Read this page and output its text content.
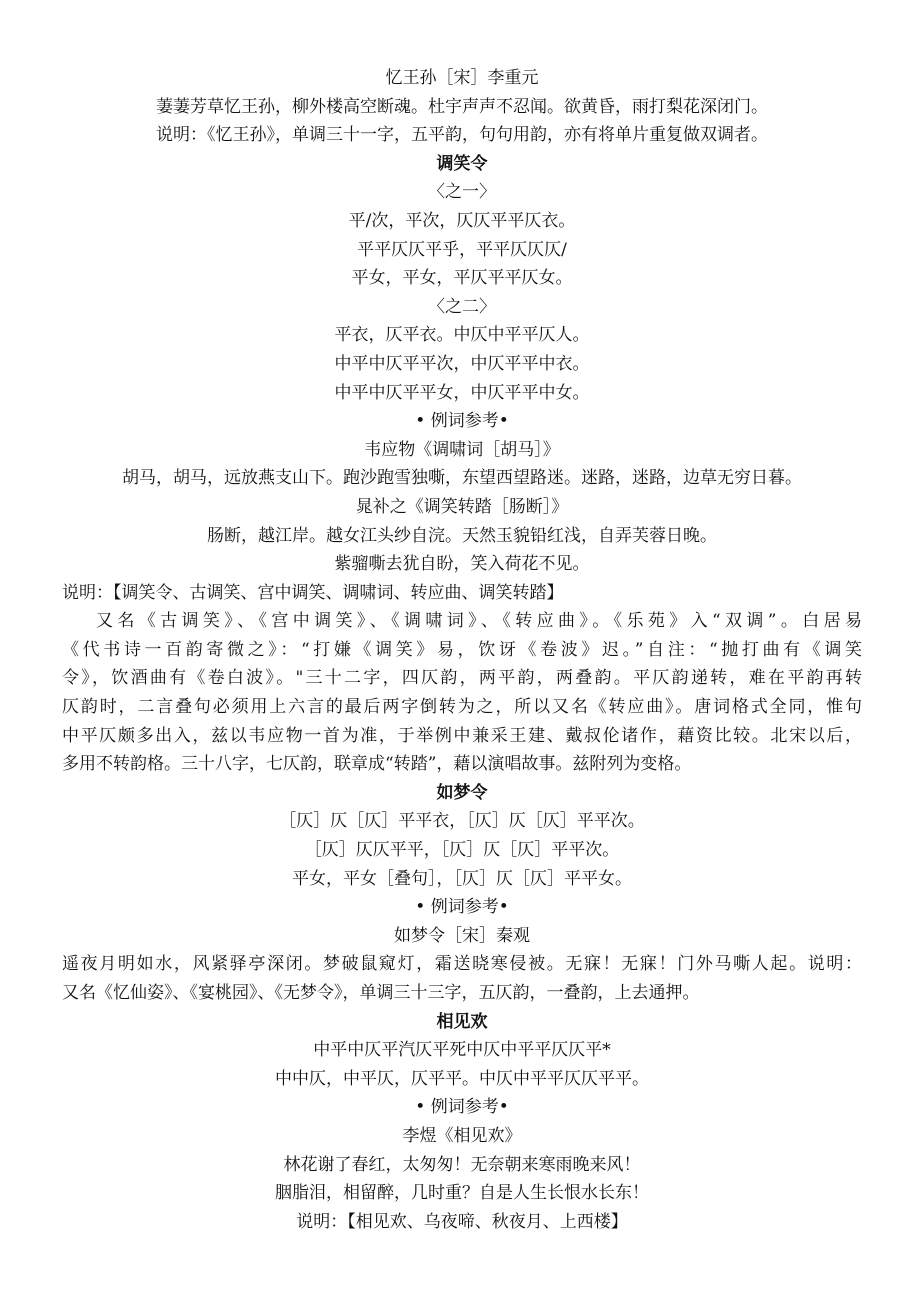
忆王孙［宋］李重元
萋萋芳草忆王孙，柳外楼高空断魂。杜宇声声不忍闻。欲黄昏，雨打梨花深闭门。
说明：《忆王孙》，单调三十一字，五平韵，句句用韵，亦有将单片重复做双调者。
调笑令
〈之一〉
平/次，平次，仄仄平平仄衣。
平平仄仄平乎，平平仄仄仄/
平女，平女，平仄平平仄女。
〈之二〉
平衣，仄平衣。中仄中平平仄人。
中平中仄平平次，中仄平平中衣。
中平中仄平平女，中仄平平中女。
• 例词参考•
韦应物《调啸词［胡马］》
胡马，胡马，远放燕支山下。跑沙跑雪独嘶，东望西望路迷。迷路，迷路，边草无穷日暮。
晁补之《调笑转踏［肠断］》
肠断，越江岸。越女江头纱自浣。天然玉貌铅红浅，自弄芙蓉日晚。
紫骝嘶去犹自盼，笑入荷花不见。
说明：【调笑令、古调笑、宫中调笑、调啸词、转应曲、调笑转踏】
又名《古调笑》、《宫中调笑》、《调啸词》、《转应曲》。《乐苑》入“双调”。白居易
《代书诗一百韵寄微之》：“打嫌《调笑》易，饮讶《卷波》迟。”自注：“抛打曲有《调笑
令》，饮酒曲有《卷白波》。"三十二字，四仄韵，两平韵，两叠韵。平仄韵递转，难在平韵再转
仄韵时，二言叠句必须用上六言的最后两字倒转为之，所以又名《转应曲》。唐词格式全同，惟句
中平仄颇多出入，兹以韦应物一首为准，于举例中兼采王建、戴叔伦诸作，藉资比较。北宋以后，
多用不转韵格。三十八字，七仄韵，联章成“转踏”，藉以演唱故事。兹附列为变格。
如梦令
［仄］仄［仄］平平衣，［仄］仄［仄］平平次。
［仄］仄仄平平，［仄］仄［仄］平平次。
平女，平女［叠句］，［仄］仄［仄］平平女。
• 例词参考•
如梦令［宋］秦观
遥夜月明如水，风紧驿亭深闭。梦破鼠窥灯，霜送晓寒侵被。无寐！无寐！门外马嘶人起。说明：
又名《忆仙姿》、《宴桃园》、《无梦令》，单调三十三字，五仄韵，一叠韵，上去通押。
相见欢
中平中仄平汽仄平死中仄中平平仄仄平*
中中仄，中平仄，仄平平。中仄中平平仄仄平平。
• 例词参考•
李煜《相见欢》
林花谢了春红，太匆匆！无奈朝来寒雨晚来风！
胭脂泪，相留醉，几时重？自是人生长恨水长东！
说明：【相见欢、乌夜啼、秋夜月、上西楼】
